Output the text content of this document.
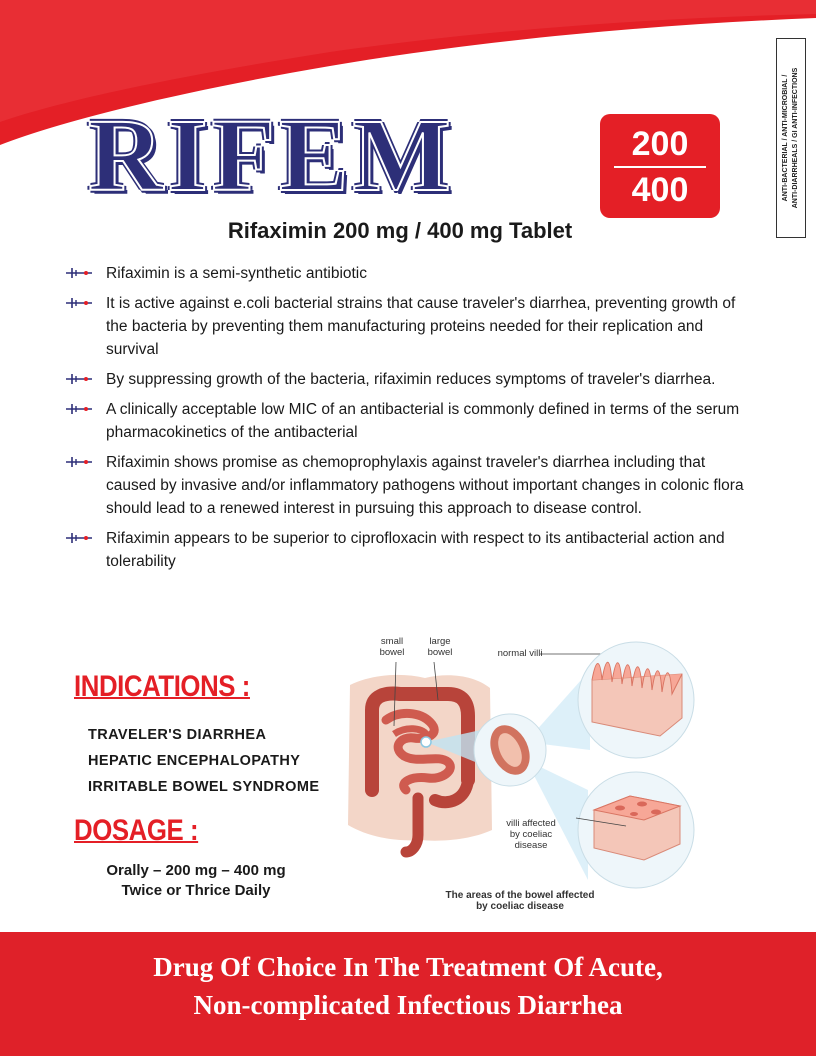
ANTI-BACTERIAL / ANTI-MICROBIAL / ANTI-DIARRHEALS / GI ANTI-INFECTIONS
RIFEM	200
400
Rifaximin 200 mg / 400 mg Tablet
Rifaximin is a semi-synthetic antibiotic
It is active against e.coli bacterial strains that cause traveler's diarrhea, preventing growth of the bacteria by preventing them manufacturing proteins needed for their replication and survival
By suppressing growth of the bacteria, rifaximin reduces symptoms of traveler's diarrhea.
A clinically acceptable low MIC of an antibacterial is commonly defined in terms of the serum pharmacokinetics of the antibacterial
Rifaximin shows promise as chemoprophylaxis against traveler's diarrhea including that caused by invasive and/or inflammatory pathogens without important changes in colonic flora should lead to a renewed interest in pursuing this approach to disease control.
Rifaximin appears to be superior to ciprofloxacin with respect to its antibacterial action and tolerability
INDICATIONS :
TRAVELER'S DIARRHEA
HEPATIC ENCEPHALOPATHY
IRRITABLE BOWEL SYNDROME
DOSAGE :
Orally – 200 mg – 400 mg
Twice or Thrice Daily
small
bowel
large
bowel	normal villi
villi affected
by coeliac
disease
The areas of the bowel affected
by coeliac disease
Drug Of Choice In The Treatment Of Acute,
Non-complicated Infectious Diarrhea
